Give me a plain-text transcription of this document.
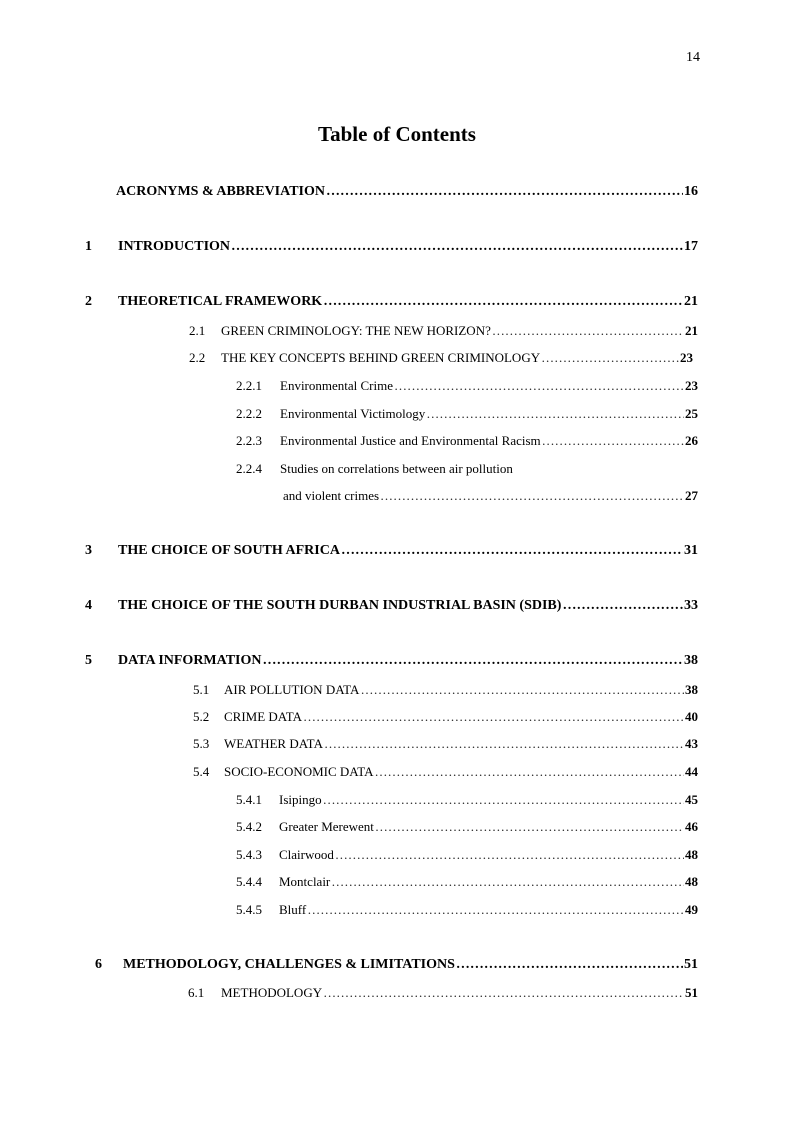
14
Table of Contents
ACRONYMS & ABBREVIATION …………………………………………………………………………………………………………………………………………………………………………………	16
1 INTRODUCTION …………………………………………………………………………………………………………………………………………………………………………………	17
2 THEORETICAL FRAMEWORK …………………………………………………………………………………………………………………………………………………………………………………	21
2.1 GREEN CRIMINOLOGY: THE NEW HORIZON? …………………………………………………………………………………………………………………………………………………………………………………	21
2.2 THE KEY CONCEPTS BEHIND GREEN CRIMINOLOGY …………………………………………………………………………………………………………………………………………………………………………………	23
2.2.1 Environmental Crime …………………………………………………………………………………………………………………………………………………………………………………	23
2.2.2 Environmental Victimology …………………………………………………………………………………………………………………………………………………………………………………	25
2.2.3 Environmental Justice and Environmental Racism …………………………………………………………………………………………………………………………………………………………………………………	26
2.2.4 Studies on correlations between air pollution
and violent crimes …………………………………………………………………………………………………………………………………………………………………………………	27
3 THE CHOICE OF SOUTH AFRICA …………………………………………………………………………………………………………………………………………………………………………………	31
4 THE CHOICE OF THE SOUTH DURBAN INDUSTRIAL BASIN (SDIB) …………………………………………………………………………………………………………………………………………………………………………………	33
5 DATA INFORMATION …………………………………………………………………………………………………………………………………………………………………………………	38
5.1 AIR POLLUTION DATA …………………………………………………………………………………………………………………………………………………………………………………	38
5.2 CRIME DATA …………………………………………………………………………………………………………………………………………………………………………………	40
5.3 WEATHER DATA …………………………………………………………………………………………………………………………………………………………………………………	43
5.4 SOCIO-ECONOMIC DATA …………………………………………………………………………………………………………………………………………………………………………………	44
5.4.1 Isipingo …………………………………………………………………………………………………………………………………………………………………………………	45
5.4.2 Greater Merewent …………………………………………………………………………………………………………………………………………………………………………………	46
5.4.3 Clairwood …………………………………………………………………………………………………………………………………………………………………………………	48
5.4.4 Montclair …………………………………………………………………………………………………………………………………………………………………………………	48
5.4.5 Bluff …………………………………………………………………………………………………………………………………………………………………………………	49
6 METHODOLOGY, CHALLENGES & LIMITATIONS …………………………………………………………………………………………………………………………………………………………………………………	51
6.1 METHODOLOGY …………………………………………………………………………………………………………………………………………………………………………………	51
